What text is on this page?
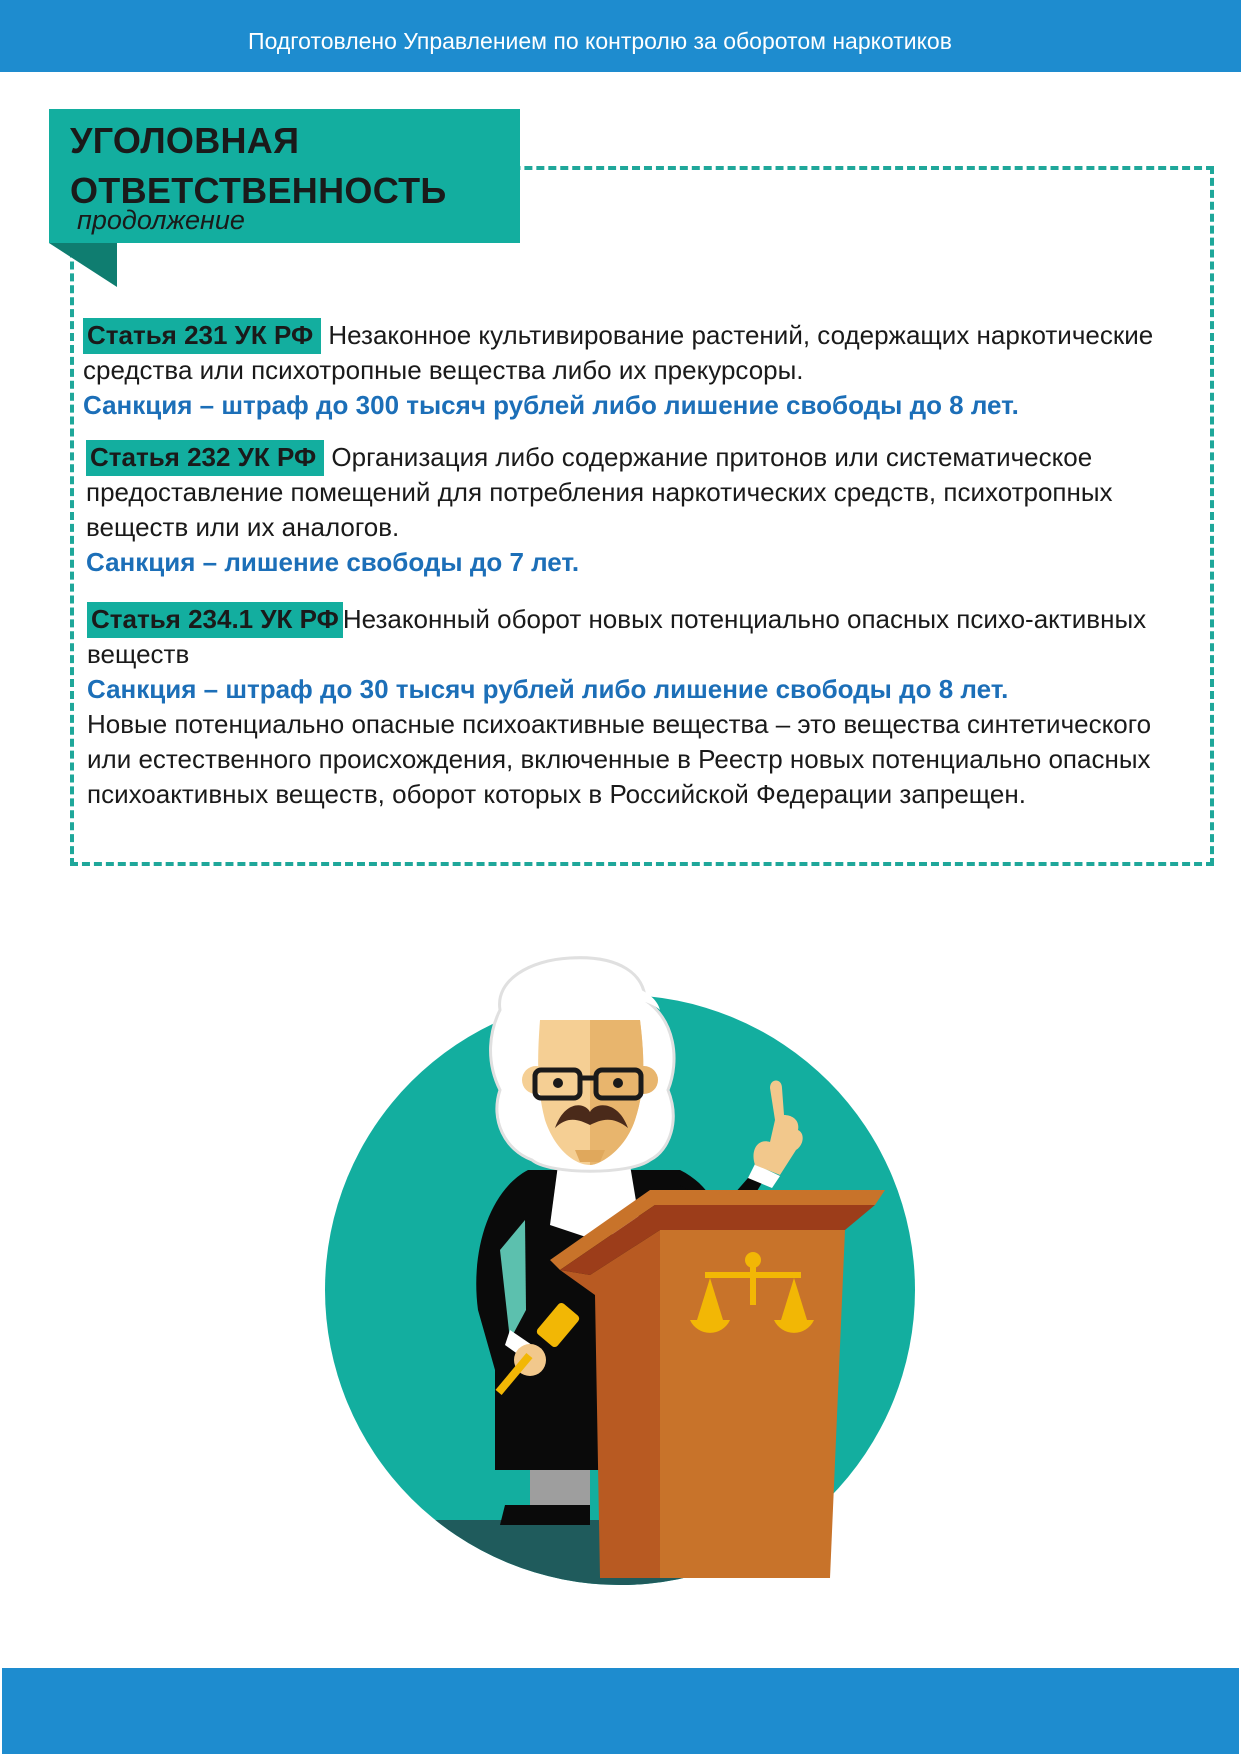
Подготовлено Управлением по контролю за оборотом наркотиков
УГОЛОВНАЯ
ОТВЕТСТВЕННОСТЬ
продолжение
Статья 231 УК РФ Незаконное культивирование растений, содержащих наркотические средства или психотропные вещества либо их прекурсоры.
Санкция – штраф до 300 тысяч рублей либо лишение свободы до 8 лет.
Статья 232 УК РФ Организация либо содержание притонов или систематическое предоставление помещений для потребления наркотических средств, психотропных веществ или их аналогов.
Санкция – лишение свободы до 7 лет.
Статья 234.1 УК РФ Незаконный оборот новых потенциально опасных психо-активных веществ
Санкция – штраф до 30 тысяч рублей либо лишение свободы до 8 лет.
Новые потенциально опасные психоактивные вещества – это вещества синтетического или естественного происхождения, включенные в Реестр новых потенциально опасных психоактивных веществ, оборот которых в Российской Федерации запрещен.
